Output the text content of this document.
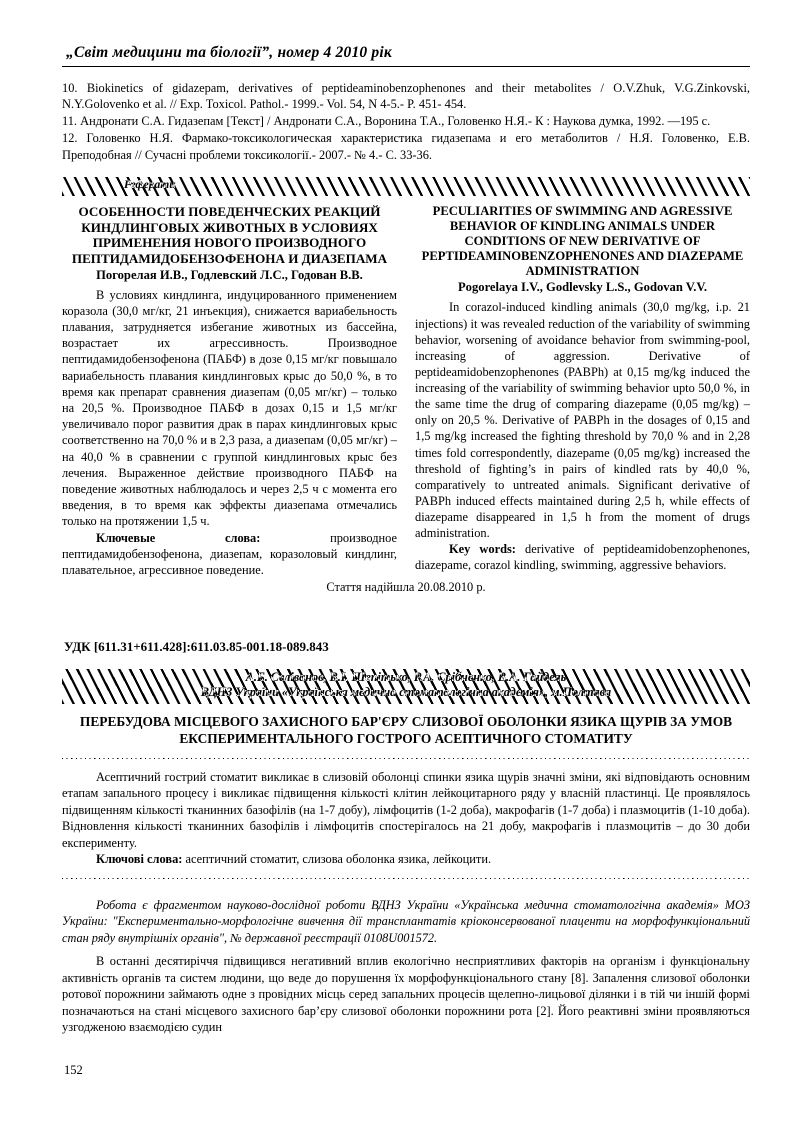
„Світ медицини та біології”, номер 4 2010 рік

10. Biokinetics of gidazepam, derivatives of peptideaminobenzophenones and their metabolites / O.V.Zhuk, V.G.Zinkovski, N.Y.Golovenko et al. // Exp. Toxicol. Pathol.- 1999.- Vol. 54, N 4-5.- P. 451- 454.

11. Андронати С.А. Гидазепам [Текст] / Андронати С.А., Воронина Т.А., Головенко Н.Я.- К : Наукова думка, 1992. —195 с.

12. Головенко Н.Я. Фармако-токсикологическая характеристика гидазепама и его метаболитов / Н.Я. Головенко, Е.В. Преподобная // Сучасні проблеми токсикології.- 2007.- № 4.- С. 33-36.

Реферати
ОСОБЕННОСТИ ПОВЕДЕНЧЕСКИХ РЕАКЦИЙ КИНДЛИНГОВЫХ ЖИВОТНЫХ В УСЛОВИЯХ ПРИМЕНЕНИЯ НОВОГО ПРОИЗВОДНОГО ПЕПТИДАМИДОБЕНЗОФЕНОНА И ДИАЗЕПАМА
Погорелая И.В., Годлевский Л.С., Годован В.В.
В условиях киндлинга, индуцированного применением коразола (30,0 мг/кг, 21 инъекция), снижается вариабельность плавания, затрудняется избегание животных из бассейна, возрастает их агрессивность. Производное пептидамидобензофенона (ПАБФ) в дозе 0,15 мг/кг повышало вариабельность плавания киндлинговых крыс до 50,0 %, в то время как препарат сравнения диазепам (0,05 мг/кг) – только на 20,5 %. Производное ПАБФ в дозах 0,15 и 1,5 мг/кг увеличивало порог развития драк в парах киндлинговых крыс соответственно на 70,0 % и в 2,3 раза, а диазепам (0,05 мг/кг) – на 40,0 % в сравнении с группой киндлинговых крыс без лечения. Выраженное действие производного ПАБФ на поведение животных наблюдалось и через 2,5 ч с момента его введения, в то время как эффекты диазепама отмечались только на протяжении 1,5 ч.
Ключевые слова:	производное пептидамидобензофенона, диазепам, коразоловый киндлинг, плавательное, агрессивное поведение.
PECULIARITIES OF SWIMMING AND AGRESSIVE BEHAVIOR OF KINDLING ANIMALS UNDER CONDITIONS OF NEW DERIVATIVE OF PEPTIDEAMINOBENZOPHENONES AND DIAZEPAME ADMINISTRATION
Pogorelaya I.V., Godlevsky L.S., Godovan V.V.
In corazol-induced kindling animals (30,0 mg/kg, i.p. 21 injections) it was revealed reduction of the variability of swimming behavior, worsening of avoidance behavior from swimming-pool, increasing of aggression. Derivative of peptideamidobenzophenones (PABPh) at 0,15 mg/kg induced the increasing of the variability of swimming behavior upto 50,0 %, in the same time the drug of comparing diazepame (0,05 mg/kg) – only on 20,5 %. Derivative of PABPh in the dosages of 0,15 and 1,5 mg/kg increased the fighting threshold by 70,0 % and in 2,28 times fold correspondently, diazepame (0,05 mg/kg) increased the threshold of fighting’s in pairs of kindled rats by 40,0 %, comparatively to untreated animals. Significant derivative of PABPh induced effects maintained during 2,5 h, while effects of diazepame disappeared in 1,5 h from the moment of drugs administration.
Key words: derivative of peptideamidobenzophenones, diazepame, corazol kindling, swimming, aggressive behaviors.
Стаття надійшла 20.08.2010 р.
УДК [611.31+611.428]:611.03.85-001.18-089.843
А.Б. Селіванов, В.І. Шепітько, Р.А. Срібненко, В.А. Гайдель
ВДНЗ України «Українська медична стоматологічна академія», м.Полтава
ПЕРЕБУДОВА МІСЦЕВОГО ЗАХИСНОГО БАР'ЄРУ СЛИЗОВОЇ ОБОЛОНКИ ЯЗИКА ЩУРІВ ЗА УМОВ ЕКСПЕРИМЕНТАЛЬНОГО ГОСТРОГО АСЕПТИЧНОГО СТОМАТИТУ
Асептичний гострий стоматит викликає в слизовій оболонці спинки язика щурів значні зміни, які відповідають основним етапам запального процесу і викликає підвищення кількості клітин лейкоцитарного ряду у власній пластинці. Це проявлялось підвищенням кількості тканинних базофілів (на 1-7 добу), лімфоцитів (1-2 доба), макрофагів (1-7 доба) і плазмоцитів (1-10 доба). Відновлення кількості тканинних базофілів і лімфоцитів спостерігалось на 21 добу, макрофагів і плазмоцитів – до 30 доби експерименту.
Ключові слова: асептичний стоматит, слизова оболонка язика, лейкоцити.
Робота є фрагментом науково-дослідної роботи ВДНЗ України «Українська медична стоматологічна академія» МОЗ України: "Експериментально-морфологічне вивчення дії трансплантатів кріоконсервованої плаценти на морфофункціональний стан ряду внутрішніх органів", № державної реєстрації 0108U001572.
В останні десятиріччя підвищився негативний вплив екологічно несприятливих факторів на організм і функціональну активність органів та систем людини, що веде до порушення їх морфофункціонального стану [8]. Запалення слизової оболонки ротової порожнини займають одне з провідних місць серед запальних процесів щелепно-лицьової ділянки і в тій чи іншій формі позначаються на стані місцевого захисного бар’єру слизової оболонки порожнини рота [2]. Його реактивні зміни проявляються узгодженою взаємодією судин
152
